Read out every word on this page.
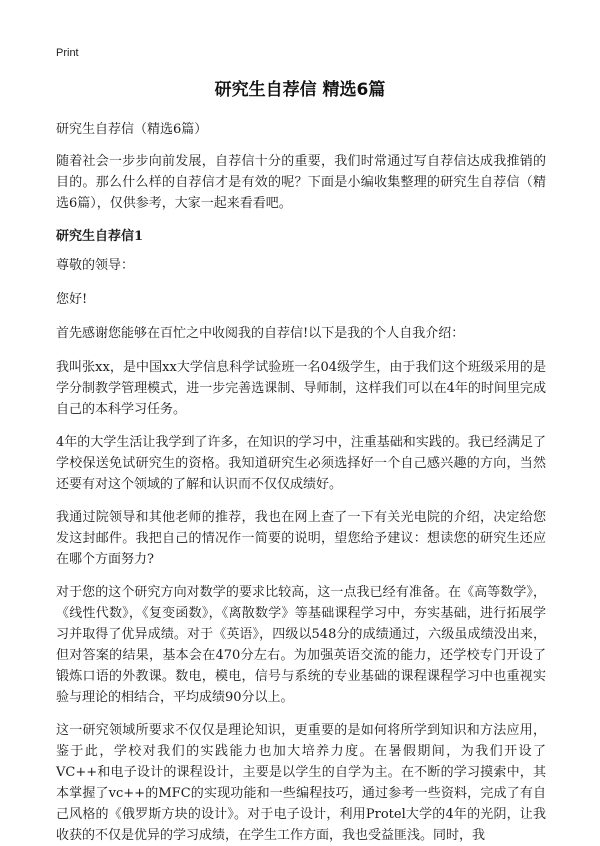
Print
研究生自荐信 精选6篇

研究生自荐信（精选6篇）

随着社会一步步向前发展，自荐信十分的重要，我们时常通过写自荐信达成我推销的目的。那么什么样的自荐信才是有效的呢？下面是小编收集整理的研究生自荐信（精选6篇），仅供参考，大家一起来看看吧。

研究生自荐信1

尊敬的领导：

您好!

首先感谢您能够在百忙之中收阅我的自荐信!以下是我的个人自我介绍：

我叫张xx，是中国xx大学信息科学试验班一名04级学生，由于我们这个班级采用的是学分制教学管理模式，进一步完善选课制、导师制，这样我们可以在4年的时间里完成自己的本科学习任务。

4年的大学生活让我学到了许多，在知识的学习中，注重基础和实践的。我已经满足了学校保送免试研究生的资格。我知道研究生必须选择好一个自己感兴趣的方向，当然还要有对这个领域的了解和认识而不仅仅成绩好。

我通过院领导和其他老师的推荐，我也在网上查了一下有关光电院的介绍，决定给您发这封邮件。我把自己的情况作一简要的说明，望您给予建议：想读您的研究生还应在哪个方面努力?

对于您的这个研究方向对数学的要求比较高，这一点我已经有准备。在《高等数学》，《线性代数》，《复变函数》，《离散数学》等基础课程学习中，夯实基础，进行拓展学习并取得了优异成绩。对于《英语》，四级以548分的成绩通过，六级虽成绩没出来，但对答案的结果，基本会在470分左右。为加强英语交流的能力，还学校专门开设了锻炼口语的外教课。数电，模电，信号与系统的专业基础的课程课程学习中也重视实验与理论的相结合，平均成绩90分以上。

这一研究领域所要求不仅仅是理论知识，更重要的是如何将所学到知识和方法应用，鉴于此，学校对我们的实践能力也加大培养力度。在暑假期间，为我们开设了VC++和电子设计的课程设计，主要是以学生的自学为主。在不断的学习摸索中，其本掌握了vc++的MFC的实现功能和一些编程技巧，通过参考一些资料，完成了有自己风格的《俄罗斯方块的设计》。对于电子设计，利用Protel大学的4年的光阴，让我收获的不仅是优异的学习成绩，在学生工作方面，我也受益匪浅。同时，我
